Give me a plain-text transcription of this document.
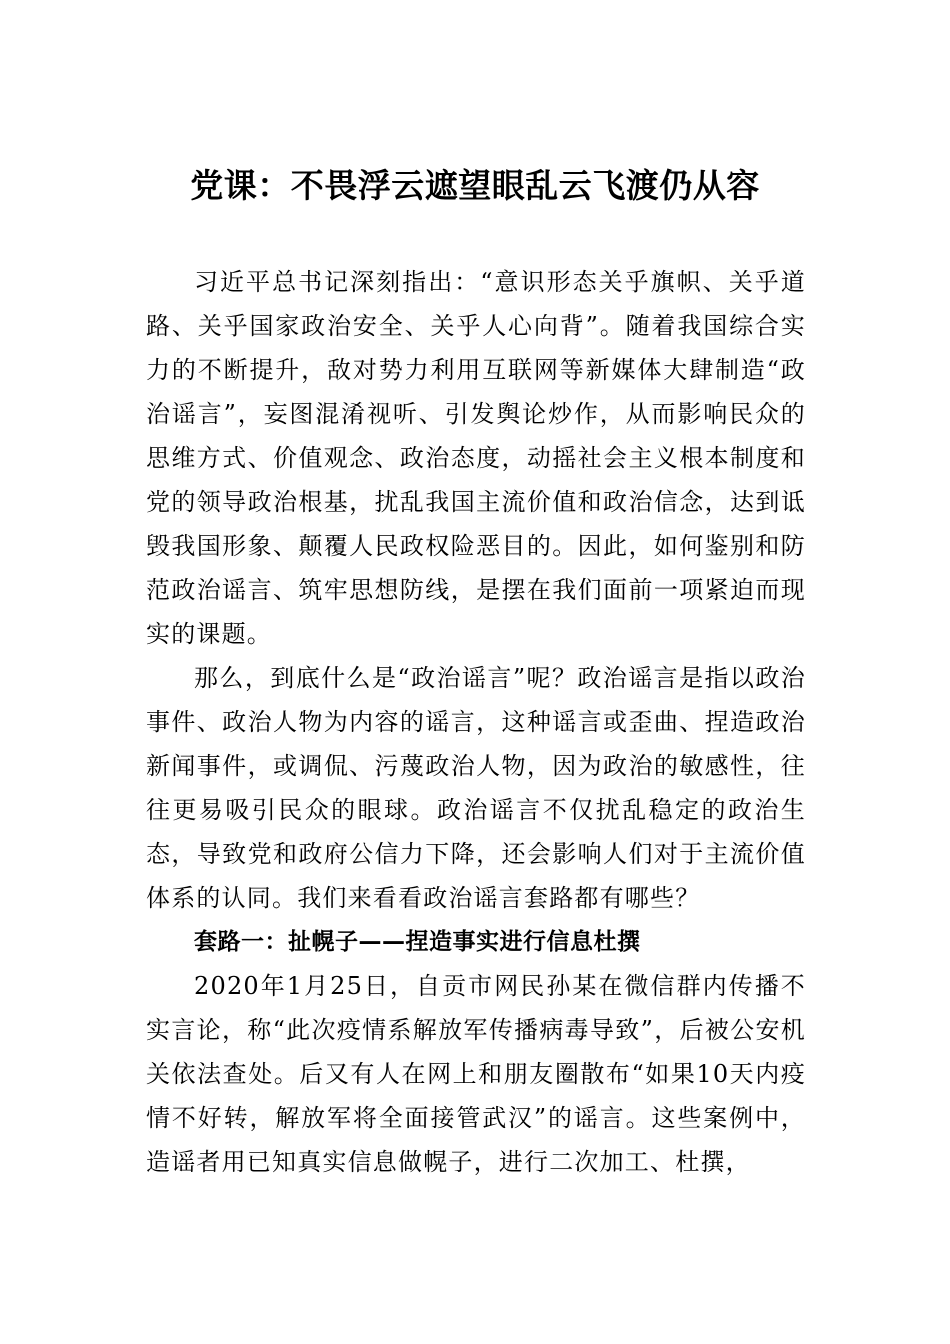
党课：不畏浮云遮望眼乱云飞渡仍从容

习近平总书记深刻指出：“意识形态关乎旗帜、关乎道路、关乎国家政治安全、关乎人心向背”。随着我国综合实力的不断提升，敌对势力利用互联网等新媒体大肆制造“政治谣言”，妄图混淆视听、引发舆论炒作，从而影响民众的思维方式、价值观念、政治态度，动摇社会主义根本制度和党的领导政治根基，扰乱我国主流价值和政治信念，达到诋毁我国形象、颠覆人民政权险恶目的。因此，如何鉴别和防范政治谣言、筑牢思想防线，是摆在我们面前一项紧迫而现实的课题。

那么，到底什么是“政治谣言”呢？政治谣言是指以政治事件、政治人物为内容的谣言，这种谣言或歪曲、捏造政治新闻事件，或调侃、污蔑政治人物，因为政治的敏感性，往往更易吸引民众的眼球。政治谣言不仅扰乱稳定的政治生态，导致党和政府公信力下降，还会影响人们对于主流价值体系的认同。我们来看看政治谣言套路都有哪些？

套路一：扯幌子——捏造事实进行信息杜撰

2020年1月25日，自贡市网民孙某在微信群内传播不实言论，称“此次疫情系解放军传播病毒导致”，后被公安机关依法查处。后又有人在网上和朋友圈散布“如果10天内疫情不好转，解放军将全面接管武汉”的谣言。这些案例中，造谣者用已知真实信息做幌子，进行二次加工、杜撰，
